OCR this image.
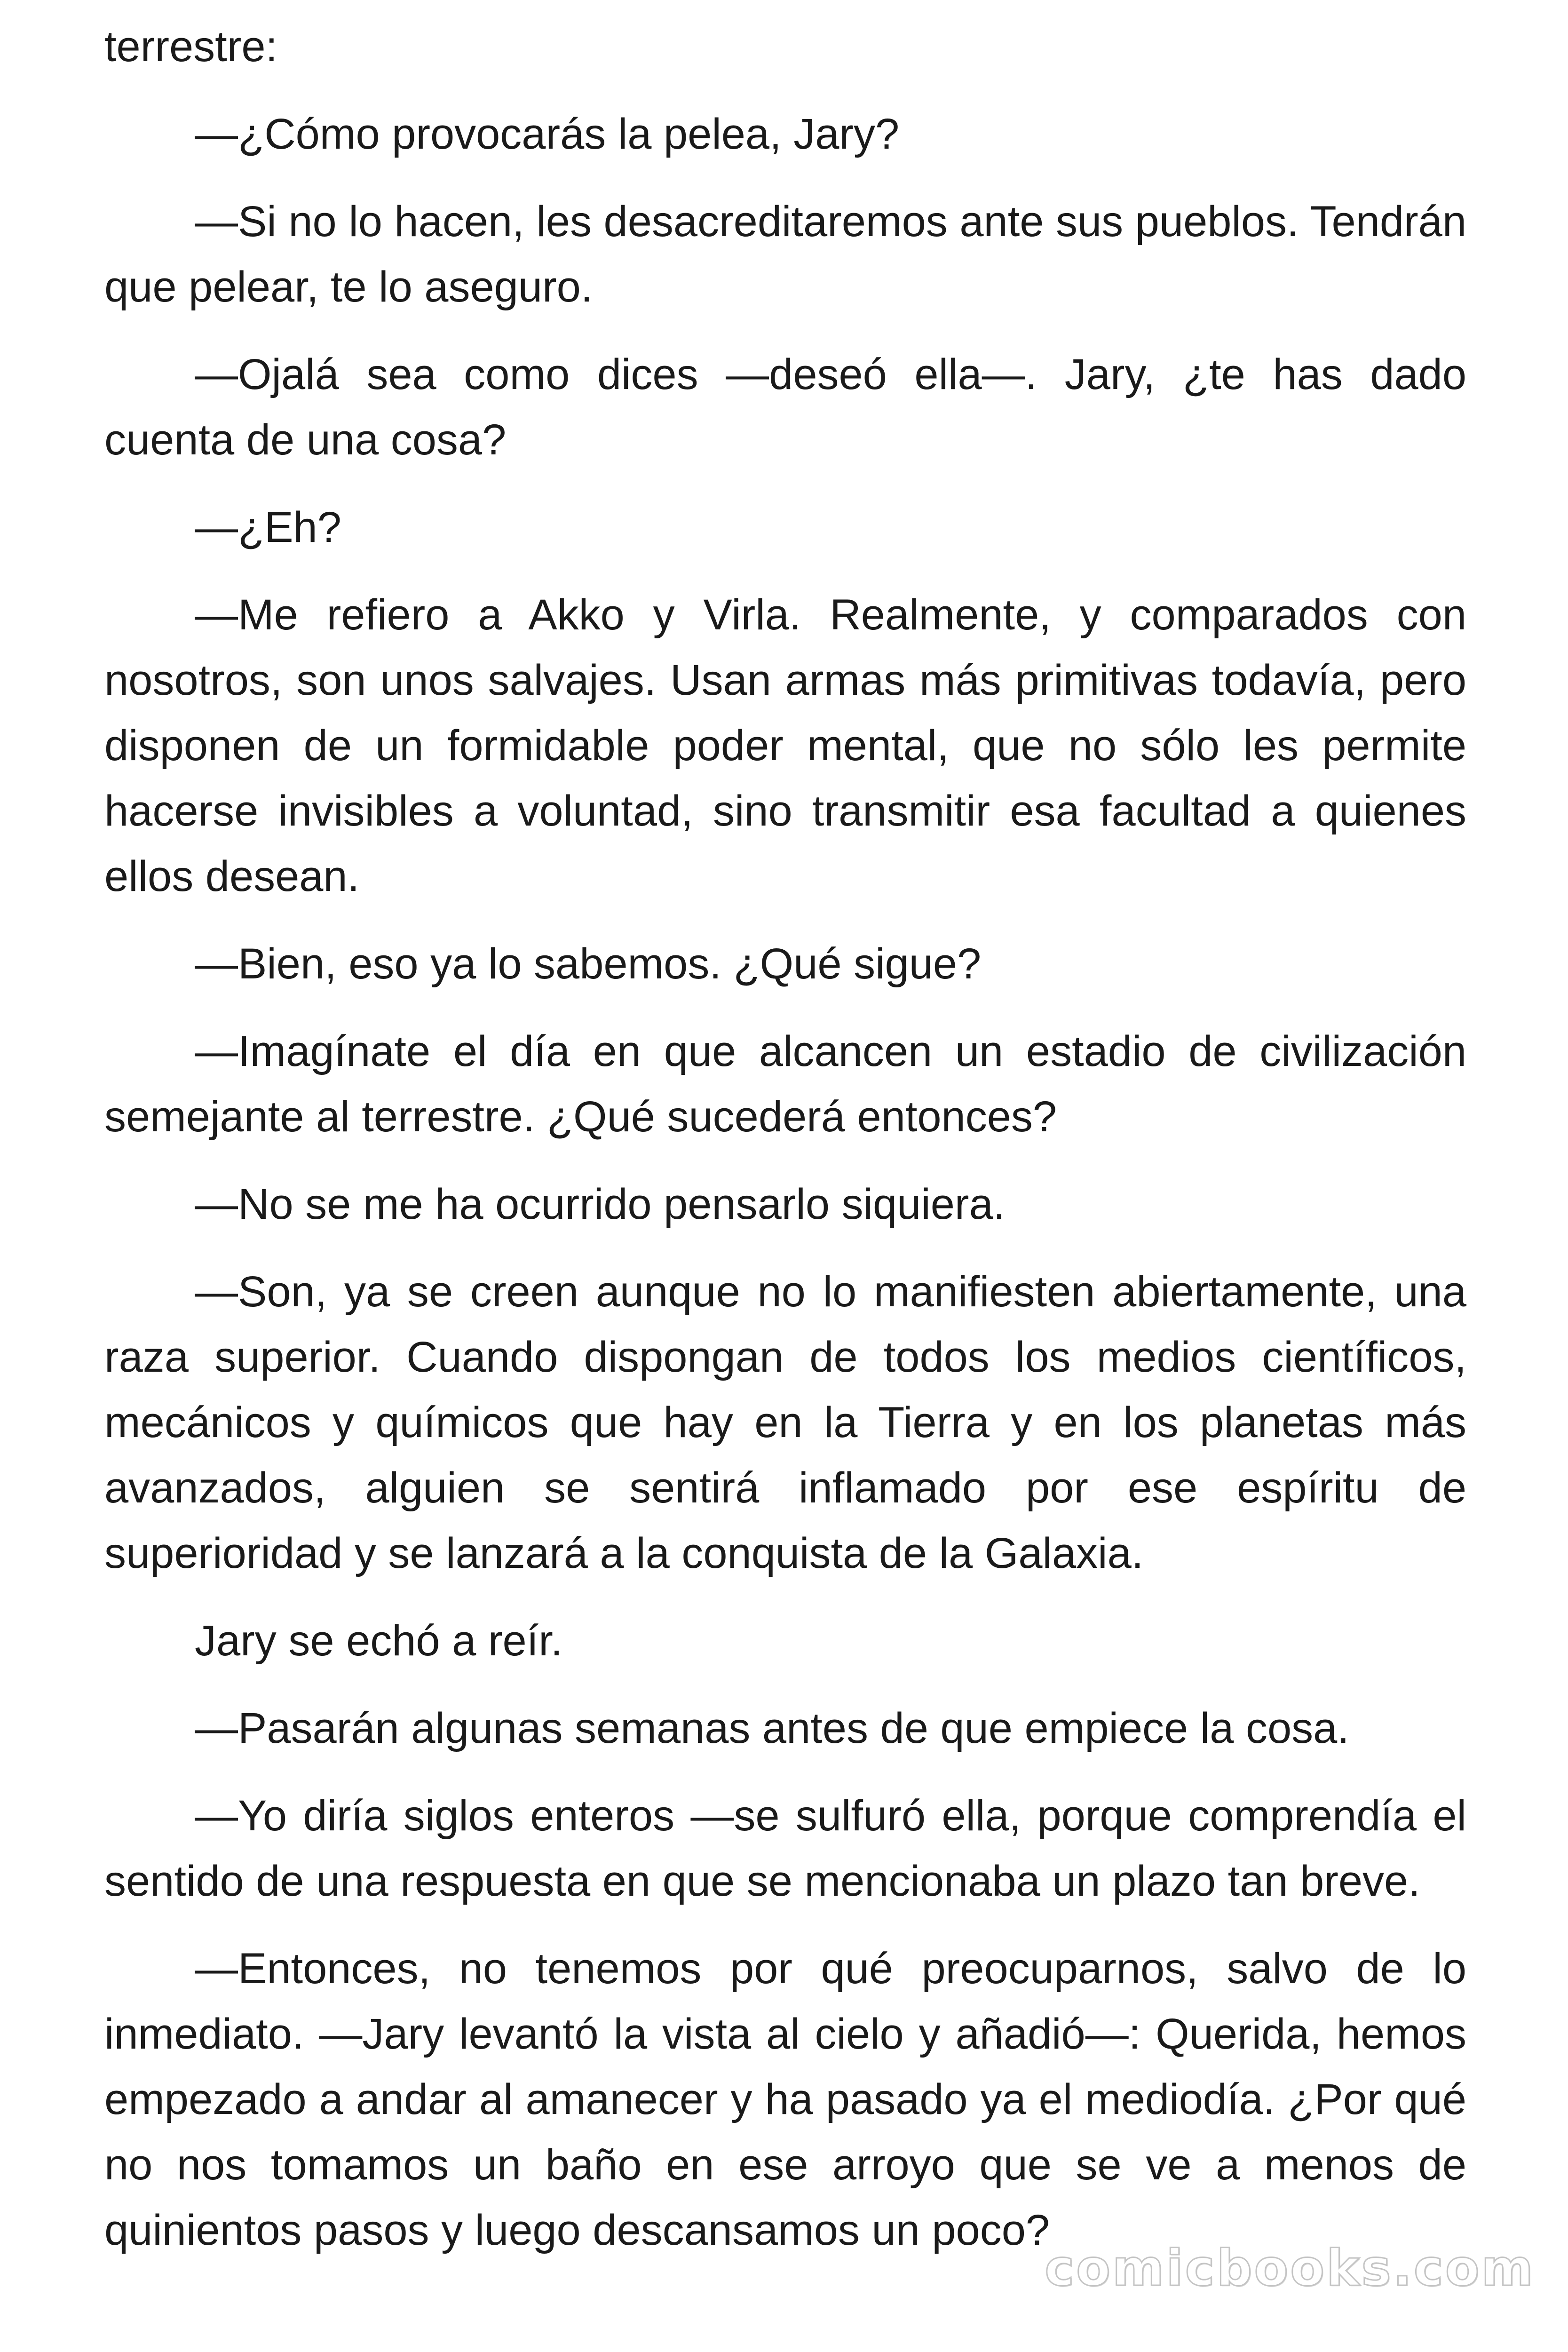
terrestre:

—¿Cómo provocarás la pelea, Jary?

—Si no lo hacen, les desacreditaremos ante sus pueblos. Tendrán que pelear, te lo aseguro.

—Ojalá sea como dices —deseó ella—. Jary, ¿te has dado cuenta de una cosa?

—¿Eh?

—Me refiero a Akko y Virla. Realmente, y comparados con nosotros, son unos salvajes. Usan armas más primitivas todavía, pero disponen de un formidable poder mental, que no sólo les permite hacerse invisibles a voluntad, sino transmitir esa facultad a quienes ellos desean.

—Bien, eso ya lo sabemos. ¿Qué sigue?

—Imagínate el día en que alcancen un estadio de civilización semejante al terrestre. ¿Qué sucederá entonces?

—No se me ha ocurrido pensarlo siquiera.

—Son, ya se creen aunque no lo manifiesten abiertamente, una raza superior. Cuando dispongan de todos los medios científicos, mecánicos y químicos que hay en la Tierra y en los planetas más avanzados, alguien se sentirá inflamado por ese espíritu de superioridad y se lanzará a la conquista de la Galaxia.

Jary se echó a reír.

—Pasarán algunas semanas antes de que empiece la cosa.

—Yo diría siglos enteros —se sulfuró ella, porque comprendía el sentido de una respuesta en que se mencionaba un plazo tan breve.

—Entonces, no tenemos por qué preocuparnos, salvo de lo inmediato. —Jary levantó la vista al cielo y añadió—: Querida, hemos empezado a andar al amanecer y ha pasado ya el mediodía. ¿Por qué no nos tomamos un baño en ese arroyo que se ve a menos de quinientos pasos y luego descansamos un poco?

comicbooks.com
